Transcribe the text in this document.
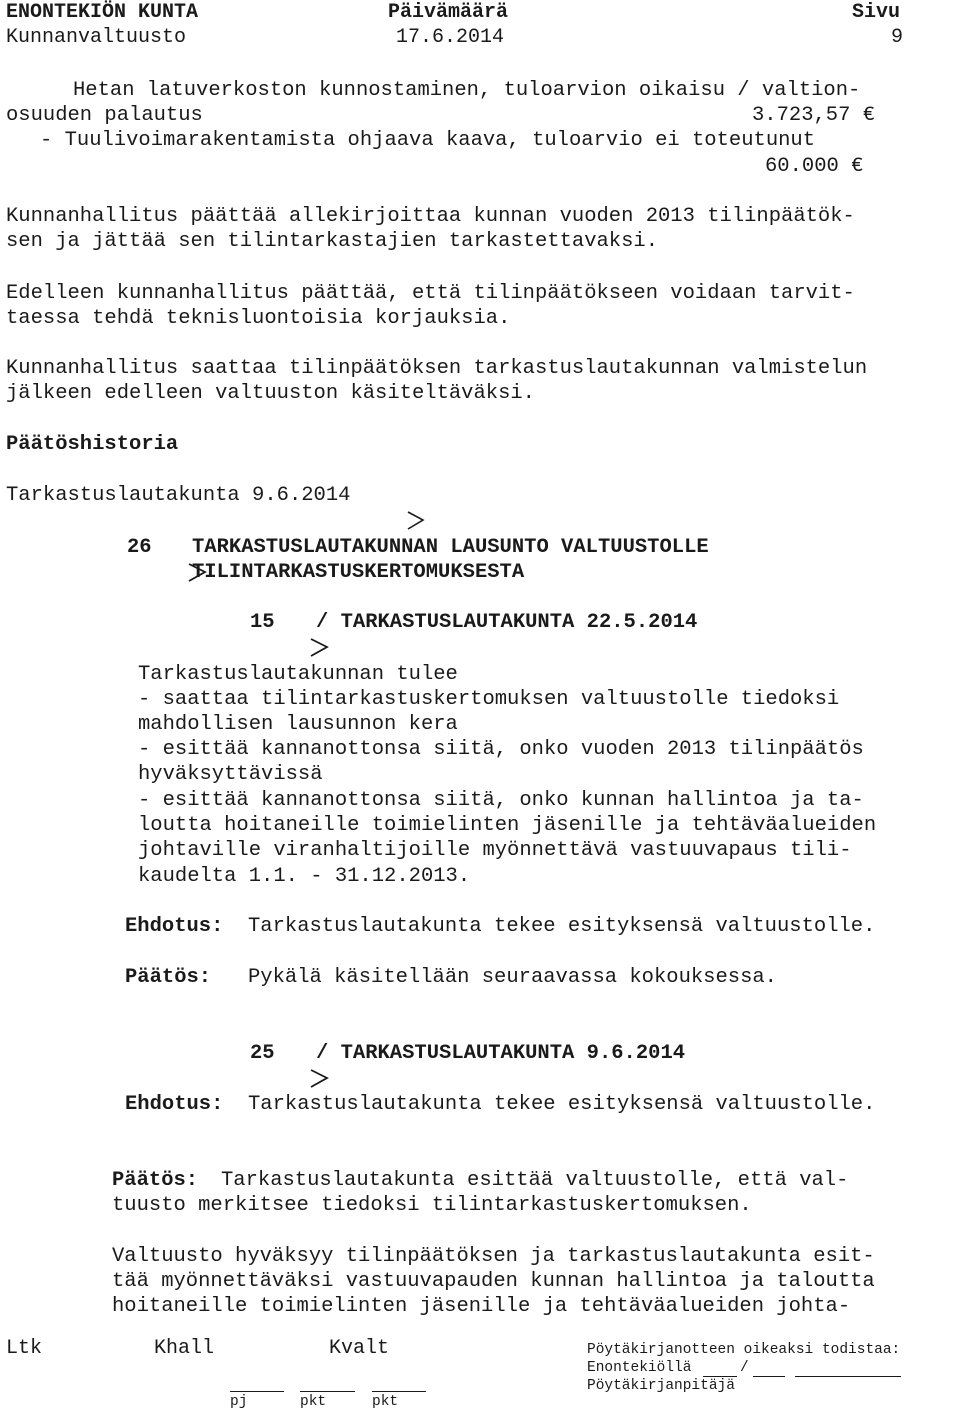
ENONTEKIÖN KUNTA	Päivämäärä	Sivu
Kunnanvaltuusto	17.6.2014	9
Hetan latuverkoston kunnostaminen, tuloarvion oikaisu / valtion-
osuuden palautus	3.723,57 €
- Tuulivoimarakentamista ohjaava kaava, tuloarvio ei toteutunut
60.000 €
Kunnanhallitus päättää allekirjoittaa kunnan vuoden 2013 tilinpäätök-
sen ja jättää sen tilintarkastajien tarkastettavaksi.
Edelleen kunnanhallitus päättää, että tilinpäätökseen voidaan tarvit-
taessa tehdä teknisluontoisia korjauksia.
Kunnanhallitus saattaa tilinpäätöksen tarkastuslautakunnan valmistelun
jälkeen edelleen valtuuston käsiteltäväksi.
Päätöshistoria
Tarkastuslautakunta 9.6.2014

26

TARKASTUSLAUTAKUNNAN LAUSUNTO VALTUUSTOLLE
TILINTARKASTUSKERTOMUKSESTA
15

/ TARKASTUSLAUTAKUNTA 22.5.2014
Tarkastuslautakunnan tulee
- saattaa tilintarkastuskertomuksen valtuustolle tiedoksi
mahdollisen lausunnon kera
- esittää kannanottonsa siitä, onko vuoden 2013 tilinpäätös
hyväksyttävissä
- esittää kannanottonsa siitä, onko kunnan hallintoa ja ta-
loutta hoitaneille toimielinten jäsenille ja tehtäväalueiden
johtaville viranhaltijoille myönnettävä vastuuvapaus tili-
kaudelta 1.1. - 31.12.2013.
Ehdotus: Tarkastuslautakunta tekee esityksensä valtuustolle.
Päätös: Pykälä käsitellään seuraavassa kokouksessa.
25

/ TARKASTUSLAUTAKUNTA 9.6.2014
Ehdotus: Tarkastuslautakunta tekee esityksensä valtuustolle.
Päätös: Tarkastuslautakunta esittää valtuustolle, että val-
tuusto merkitsee tiedoksi tilintarkastuskertomuksen.
Valtuusto hyväksyy tilinpäätöksen ja tarkastuslautakunta esit-
tää myönnettäväksi vastuuvapauden kunnan hallintoa ja taloutta
hoitaneille toimielinten jäsenille ja tehtäväalueiden johta-
Ltk	Khall	Kvalt
pj	pkt	pkt
Pöytäkirjanotteen oikeaksi todistaa:
Enontekiöllä	/
Pöytäkirjanpitäjä
